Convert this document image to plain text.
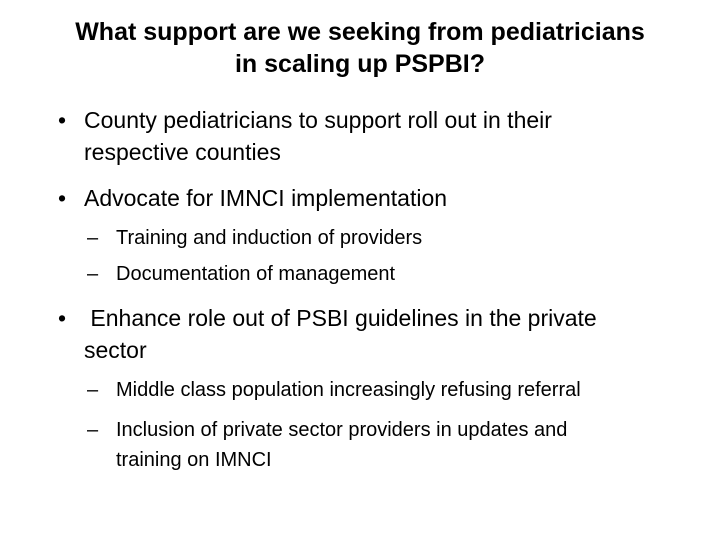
What support are we seeking from pediatricians
in scaling up PSPBI?
• County pediatricians to support roll out in their
respective counties
• Advocate for IMNCI implementation
– Training and induction of providers
– Documentation of management
• Enhance role out of PSBI guidelines in the private
sector
– Middle class population increasingly refusing referral
– Inclusion of private sector providers in updates and
training on IMNCI
